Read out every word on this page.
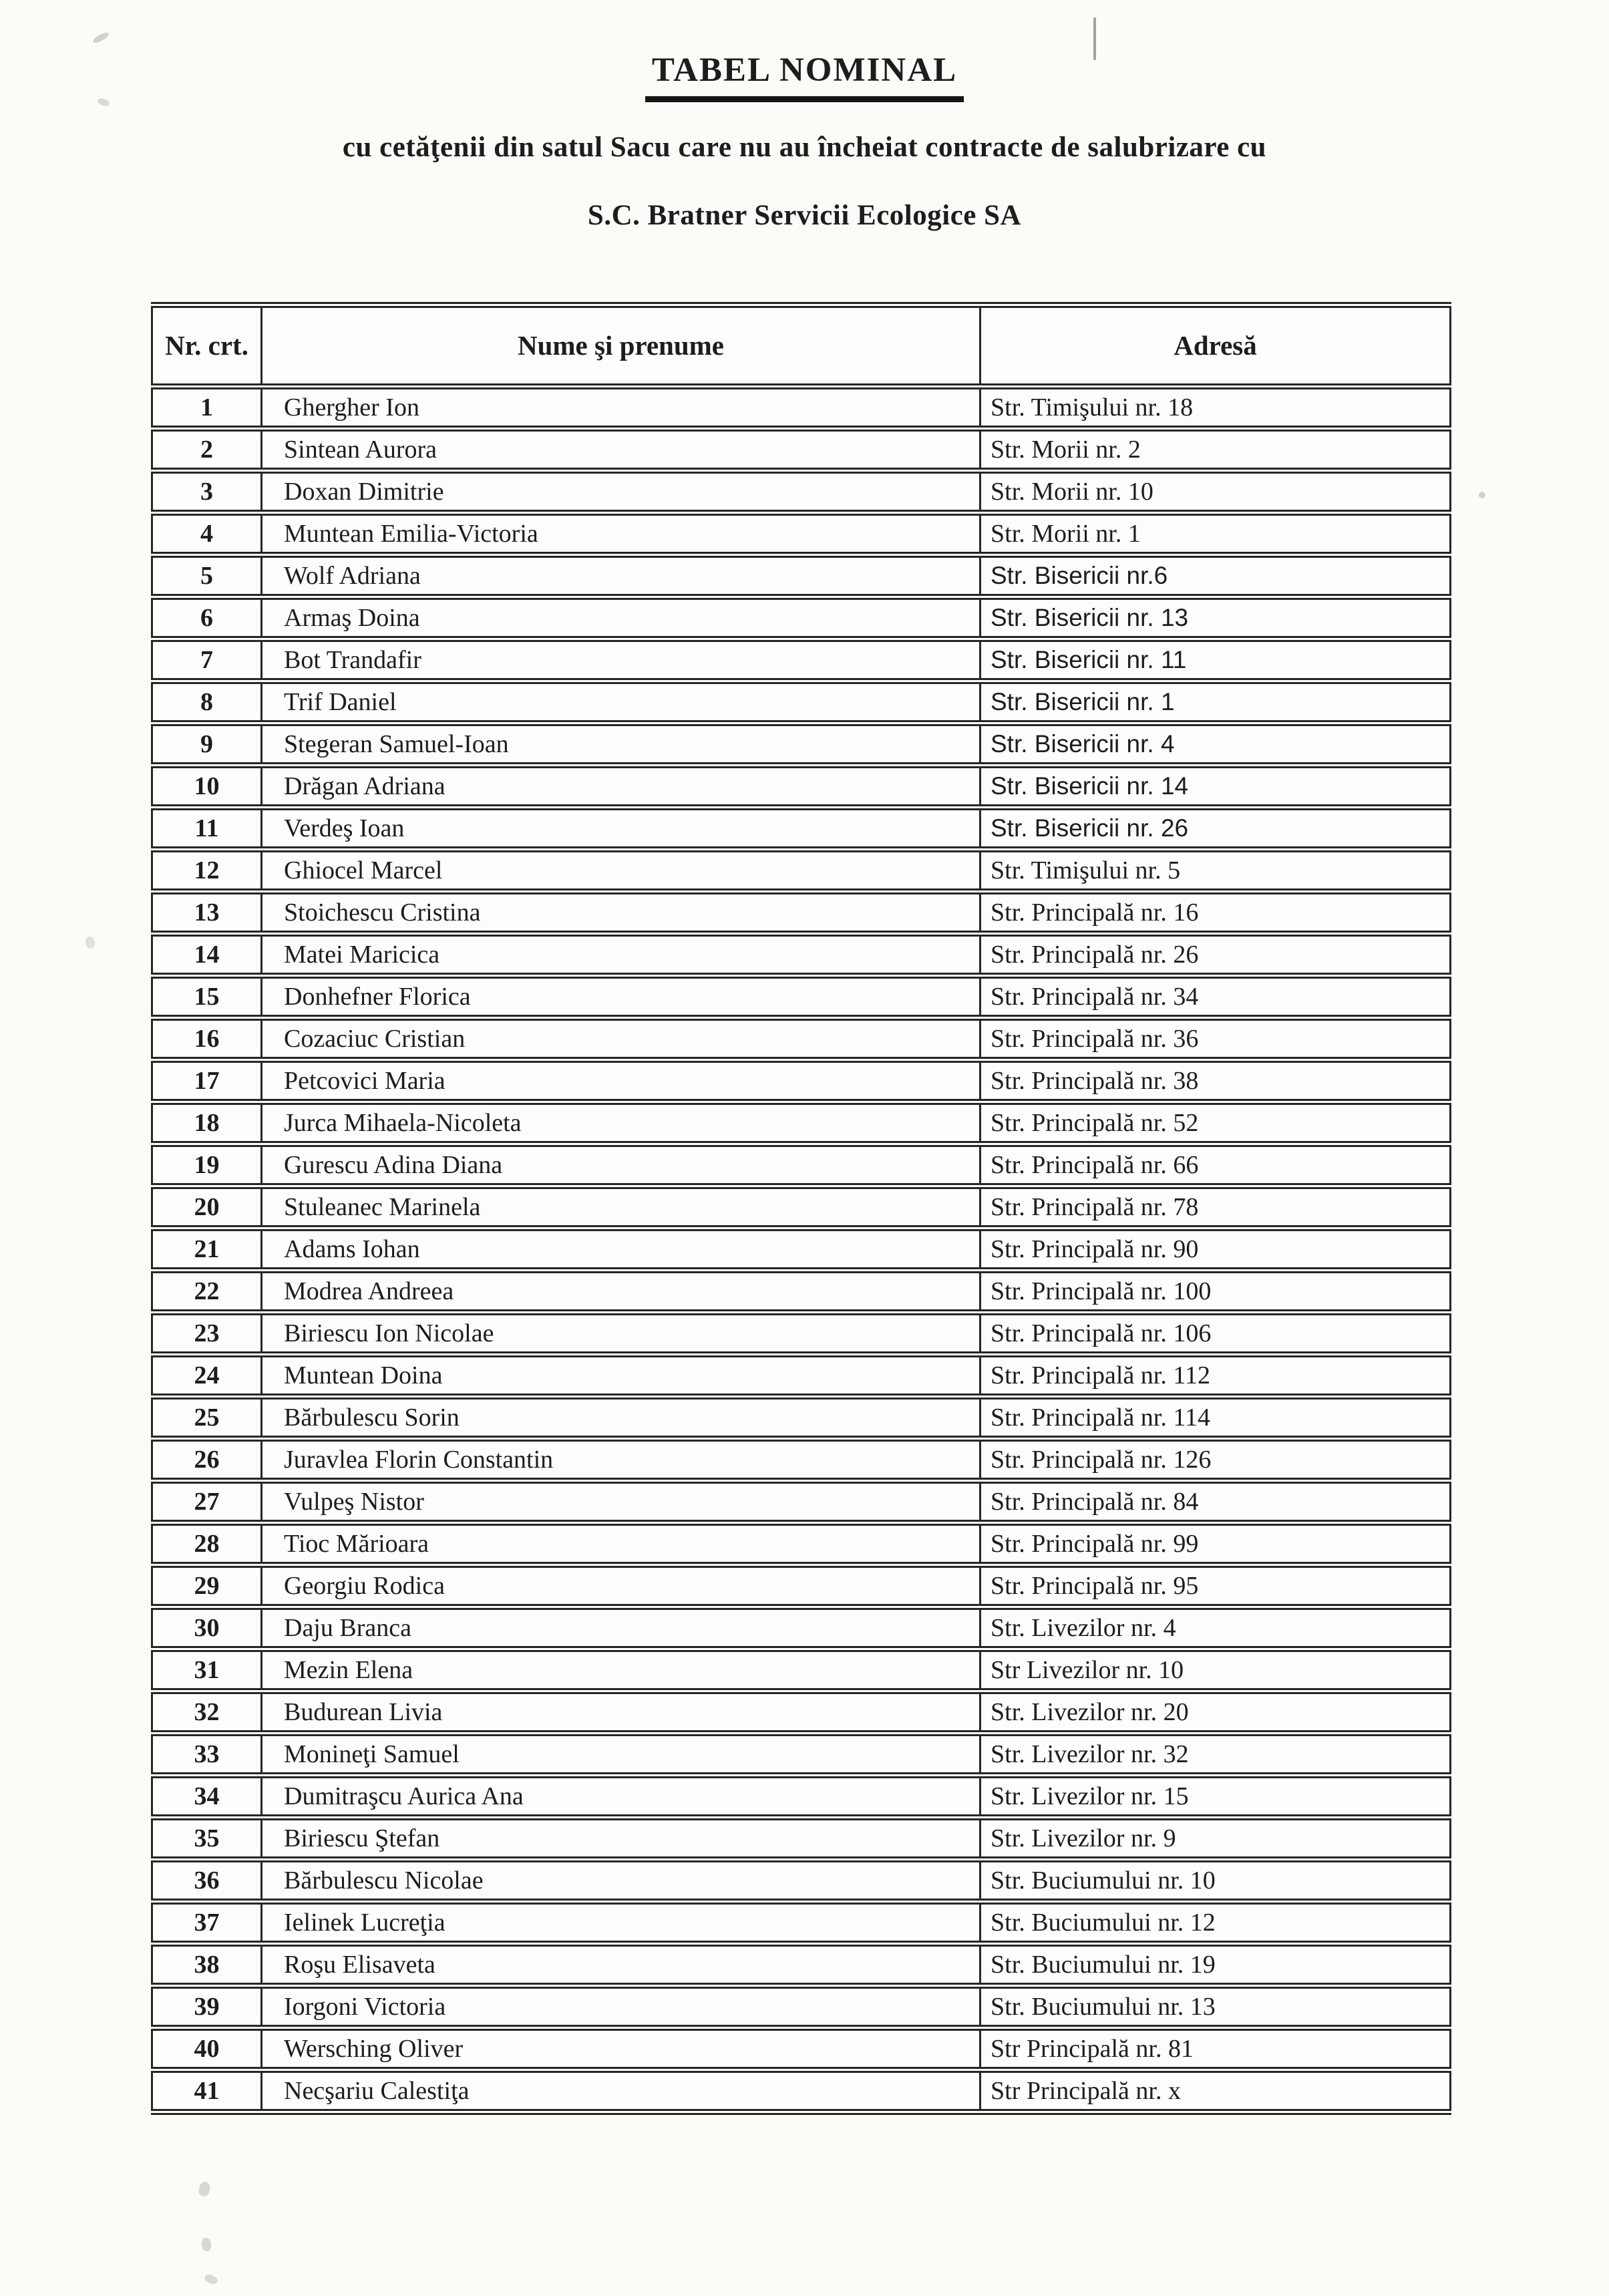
TABEL NOMINAL
cu cetăţenii din satul Sacu care nu au încheiat contracte de salubrizare cu
S.C. Bratner Servicii Ecologice SA
Nr. crt.	Nume şi prenume	Adresă
1	Ghergher Ion	Str. Timişului nr. 18
2	Sintean Aurora	Str. Morii nr. 2
3	Doxan Dimitrie	Str. Morii nr. 10
4	Muntean Emilia-Victoria	Str. Morii nr. 1
5	Wolf Adriana	Str. Bisericii nr.6
6	Armaş Doina	Str. Bisericii nr. 13
7	Bot Trandafir	Str. Bisericii nr. 11
8	Trif Daniel	Str. Bisericii nr. 1
9	Stegeran Samuel-Ioan	Str. Bisericii nr. 4
10	Drăgan Adriana	Str. Bisericii nr. 14
11	Verdeş Ioan	Str. Bisericii nr. 26
12	Ghiocel Marcel	Str. Timişului nr. 5
13	Stoichescu Cristina	Str. Principală nr. 16
14	Matei Maricica	Str. Principală nr. 26
15	Donhefner Florica	Str. Principală nr. 34
16	Cozaciuc Cristian	Str. Principală nr. 36
17	Petcovici Maria	Str. Principală nr. 38
18	Jurca Mihaela-Nicoleta	Str. Principală nr. 52
19	Gurescu Adina Diana	Str. Principală nr. 66
20	Stuleanec Marinela	Str. Principală nr. 78
21	Adams Iohan	Str. Principală nr. 90
22	Modrea Andreea	Str. Principală nr. 100
23	Biriescu Ion Nicolae	Str. Principală nr. 106
24	Muntean Doina	Str. Principală nr. 112
25	Bărbulescu Sorin	Str. Principală nr. 114
26	Juravlea Florin Constantin	Str. Principală nr. 126
27	Vulpeş Nistor	Str. Principală nr. 84
28	Tioc Mărioara	Str. Principală nr. 99
29	Georgiu Rodica	Str. Principală nr. 95
30	Daju Branca	Str. Livezilor nr. 4
31	Mezin Elena	Str Livezilor nr. 10
32	Budurean Livia	Str. Livezilor nr. 20
33	Monineţi Samuel	Str. Livezilor nr. 32
34	Dumitraşcu Aurica Ana	Str. Livezilor nr. 15
35	Biriescu Ştefan	Str. Livezilor nr. 9
36	Bărbulescu Nicolae	Str. Buciumului nr. 10
37	Ielinek Lucreţia	Str. Buciumului nr. 12
38	Roşu Elisaveta	Str. Buciumului nr. 19
39	Iorgoni Victoria	Str. Buciumului nr. 13
40	Wersching Oliver	Str Principală nr. 81
41	Necşariu Calestiţa	Str Principală nr. x
